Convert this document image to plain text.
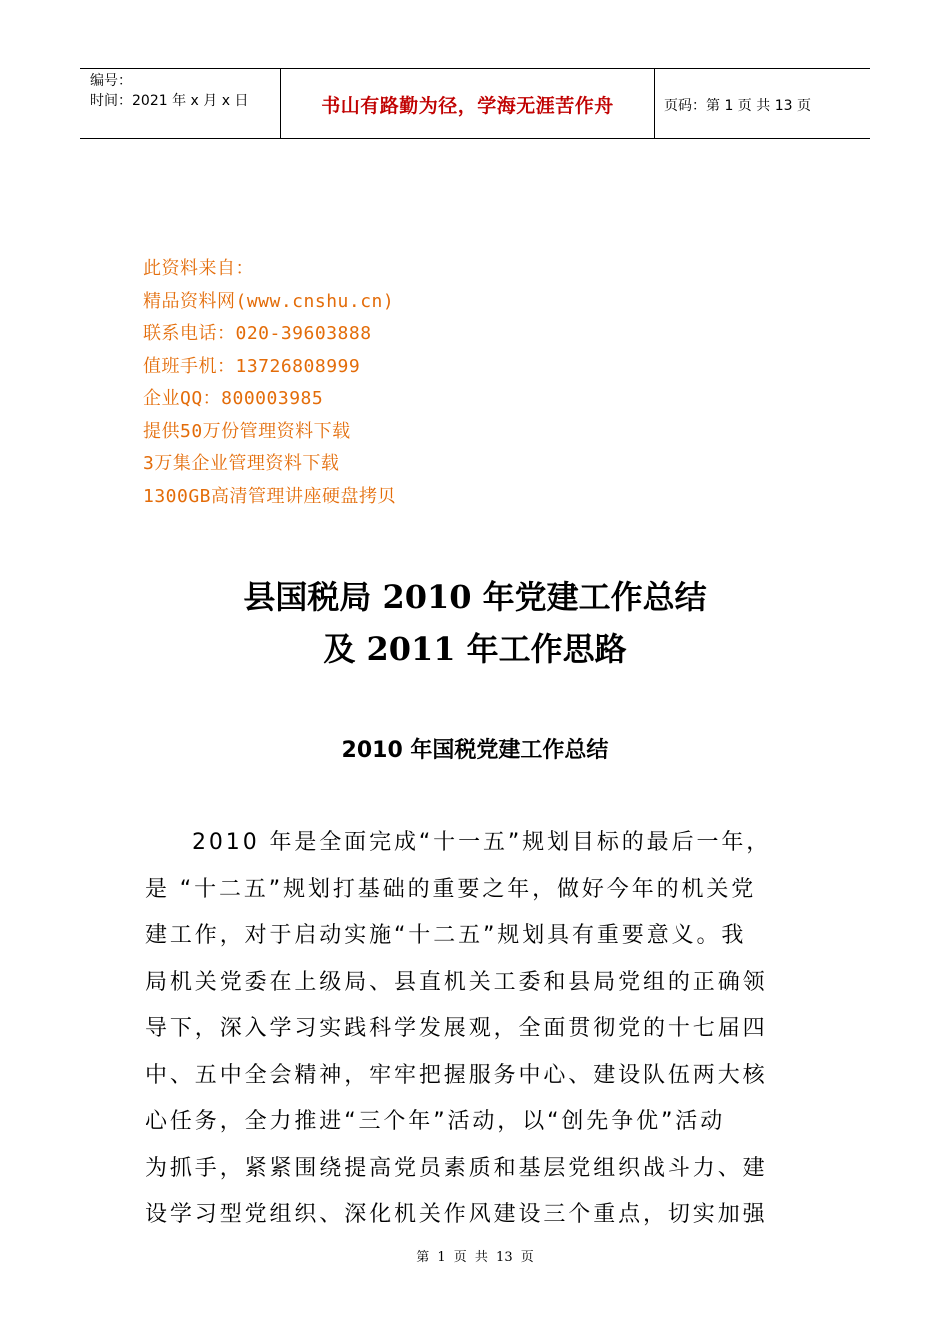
编号：
时间：2021 年 x 月 x 日	书山有路勤为径，学海无涯苦作舟	页码：第 1 页 共 13 页
此资料来自：
精品资料网(www.cnshu.cn)
联系电话：020-39603888
值班手机：13726808999
企业QQ：800003985
提供50万份管理资料下载
3万集企业管理资料下载
1300GB高清管理讲座硬盘拷贝
县国税局 2010 年党建工作总结
及 2011 年工作思路
2010 年国税党建工作总结
2010 年是全面完成“十一五”规划目标的最后一年，
是 “十二五”规划打基础的重要之年，做好今年的机关党
建工作，对于启动实施“十二五”规划具有重要意义。我
局机关党委在上级局、县直机关工委和县局党组的正确领
导下，深入学习实践科学发展观，全面贯彻党的十七届四
中、五中全会精神，牢牢把握服务中心、建设队伍两大核
心任务，全力推进“三个年”活动，以“创先争优”活动
为抓手，紧紧围绕提高党员素质和基层党组织战斗力、建
设学习型党组织、深化机关作风建设三个重点，切实加强
第 1 页 共 13 页
